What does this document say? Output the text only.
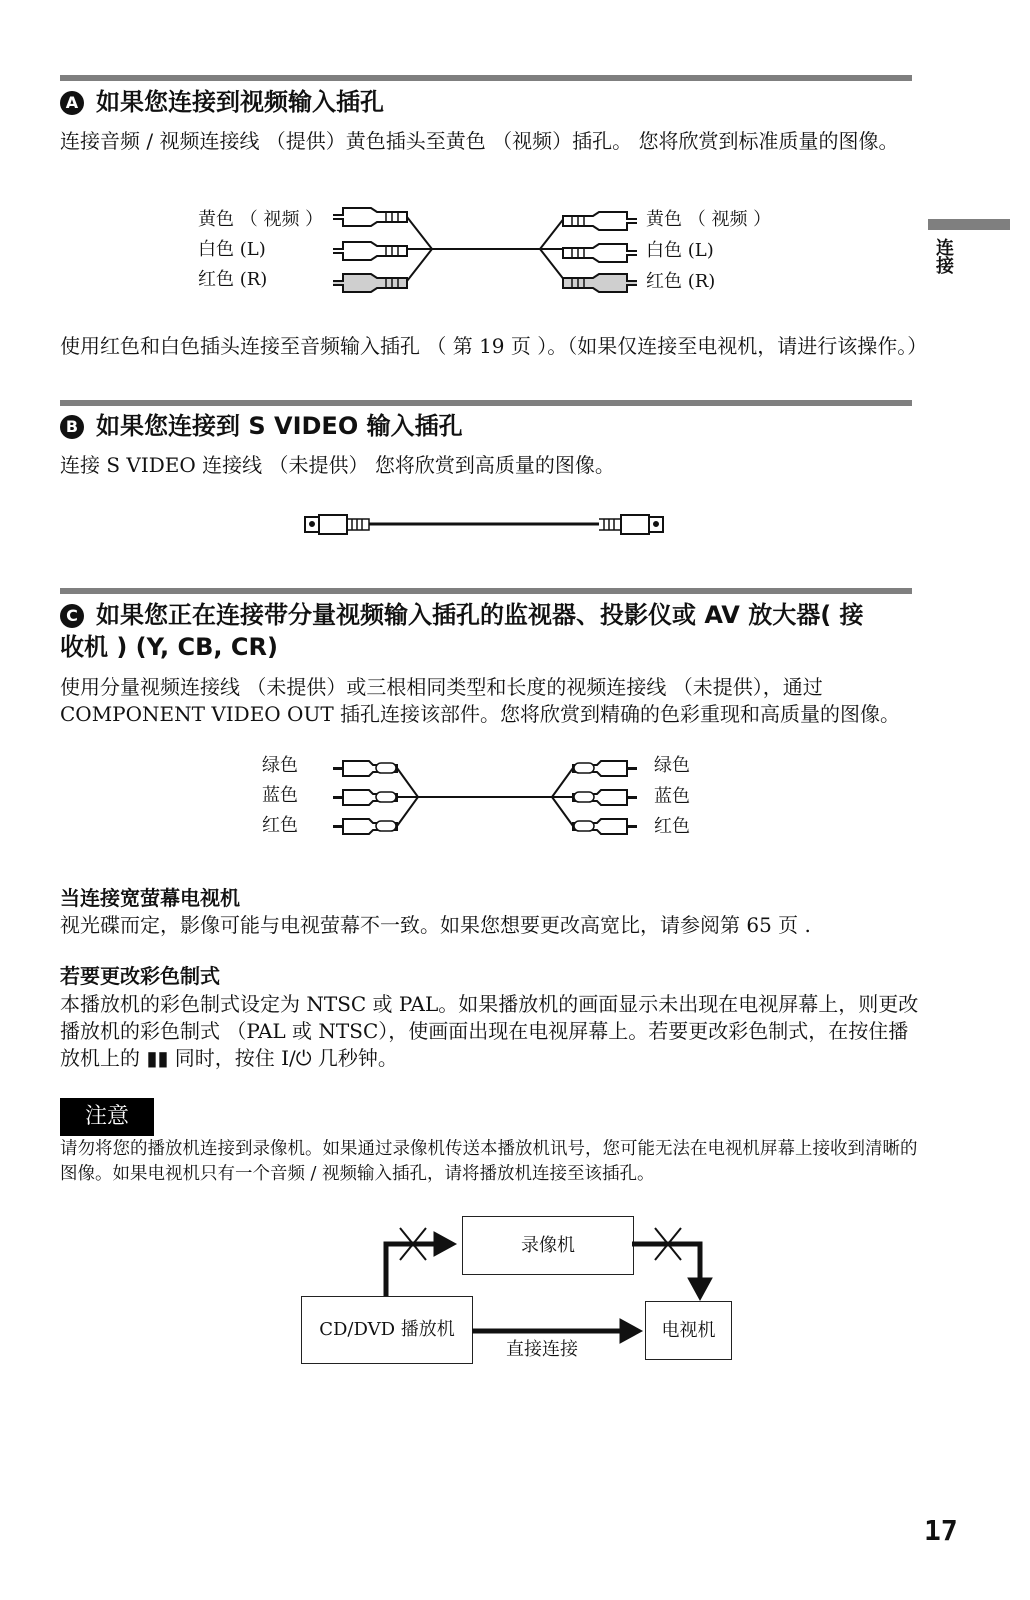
连接
A 如果您连接到视频输入插孔
连接音频 / 视频连接线 （提供）黄色插头至黄色 （视频）插孔。 您将欣赏到标准质量的图像。
黄色 （ 视频 ）
白色 (L)
红色 (R)
黄色 （ 视频 ）
白色 (L)
红色 (R)
使用红色和白色插头连接至音频输入插孔 （ 第 19 页 ）。（如果仅连接至电视机，请进行该操作。）
B 如果您连接到 S VIDEO 输入插孔
连接 S VIDEO 连接线 （未提供） 您将欣赏到高质量的图像。
C 如果您正在连接带分量视频输入插孔的监视器、投影仪或 AV 放大器( 接
收机 ) (Y, CB, CR)
使用分量视频连接线 （未提供）或三根相同类型和长度的视频连接线 （未提供），通过 COMPONENT VIDEO OUT 插孔连接该部件。您将欣赏到精确的色彩重现和高质量的图像。
绿色
蓝色
红色
绿色
蓝色
红色
当连接宽萤幕电视机
视光碟而定，影像可能与电视萤幕不一致。如果您想要更改高宽比，请参阅第 65 页 .
若要更改彩色制式
本播放机的彩色制式设定为 NTSC 或 PAL。如果播放机的画面显示未出现在电视屏幕上，则更改播放机的彩色制式 （PAL 或 NTSC），使画面出现在电视屏幕上。若要更改彩色制式，在按住播放机上的 ▮▮ 同时，按住 I/⏻ 几秒钟。
注意
请勿将您的播放机连接到录像机。如果通过录像机传送本播放机讯号，您可能无法在电视机屏幕上接收到清晰的图像。如果电视机只有一个音频 / 视频输入插孔，请将播放机连接至该插孔。
录像机
CD/DVD 播放机	电视机
直接连接
17
